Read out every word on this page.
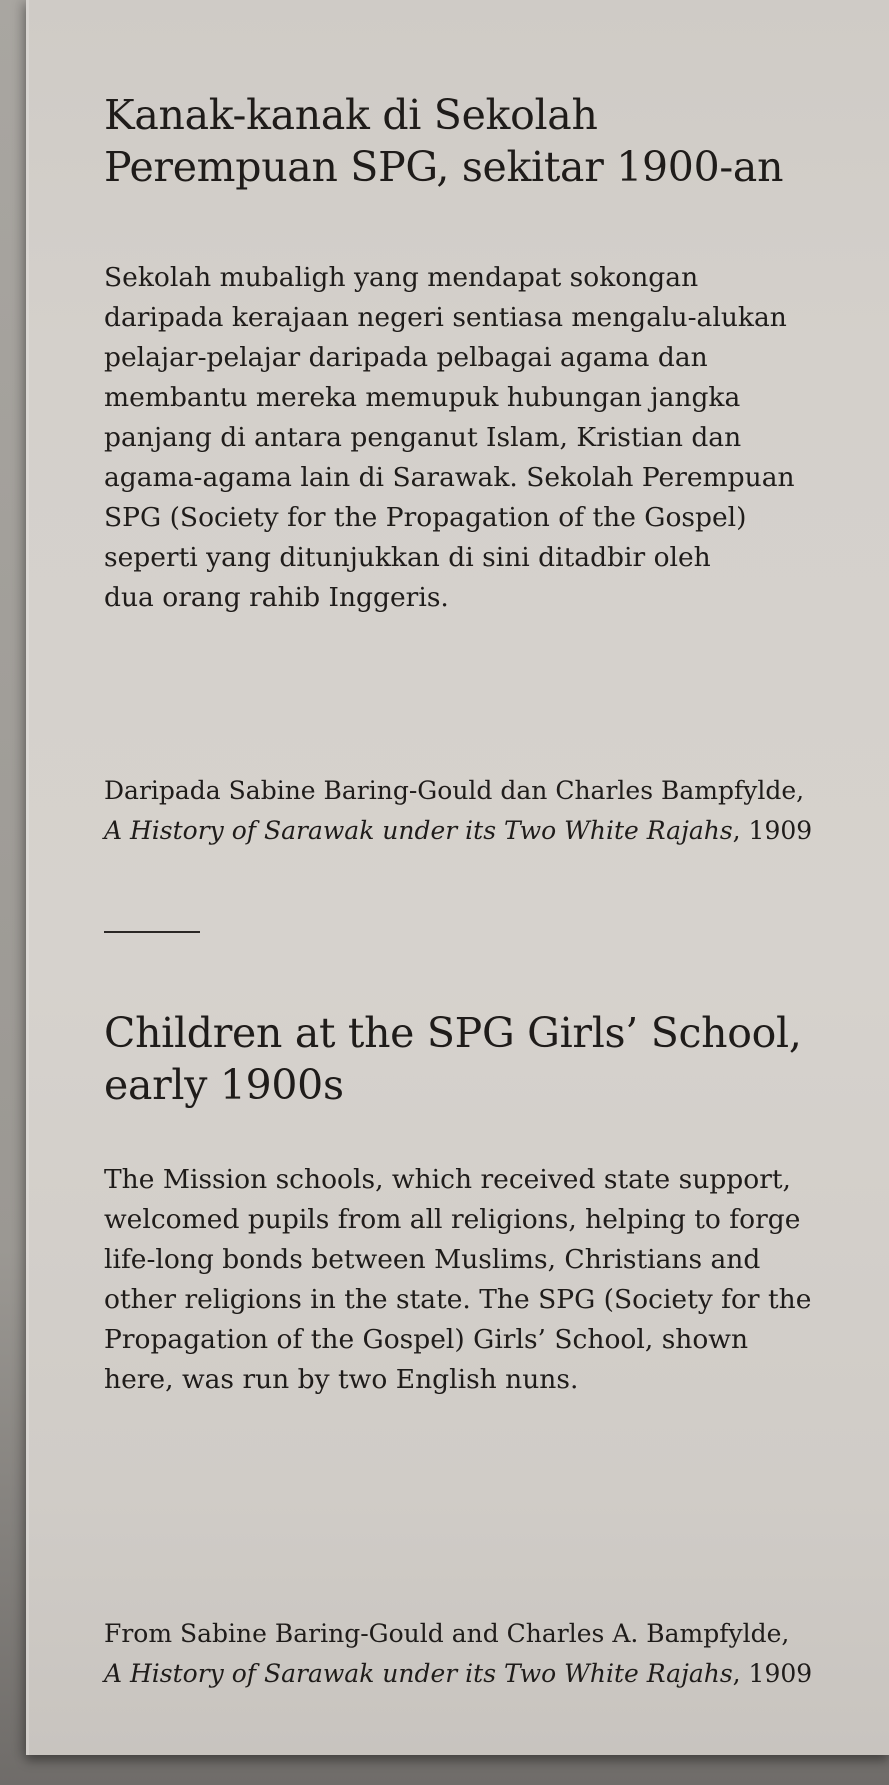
Kanak-kanak di Sekolah
Perempuan SPG, sekitar 1900-an

Sekolah mubaligh yang mendapat sokongan
daripada kerajaan negeri sentiasa mengalu-alukan
pelajar-pelajar daripada pelbagai agama dan
membantu mereka memupuk hubungan jangka
panjang di antara penganut Islam, Kristian dan
agama-agama lain di Sarawak. Sekolah Perempuan
SPG (Society for the Propagation of the Gospel)
seperti yang ditunjukkan di sini ditadbir oleh
dua orang rahib Inggeris.

Daripada Sabine Baring-Gould dan Charles Bampfylde,
A History of Sarawak under its Two White Rajahs, 1909

Children at the SPG Girls’ School,
early 1900s

The Mission schools, which received state support,
welcomed pupils from all religions, helping to forge
life-long bonds between Muslims, Christians and
other religions in the state. The SPG (Society for the
Propagation of the Gospel) Girls’ School, shown
here, was run by two English nuns.

From Sabine Baring-Gould and Charles A. Bampfylde,
A History of Sarawak under its Two White Rajahs, 1909
